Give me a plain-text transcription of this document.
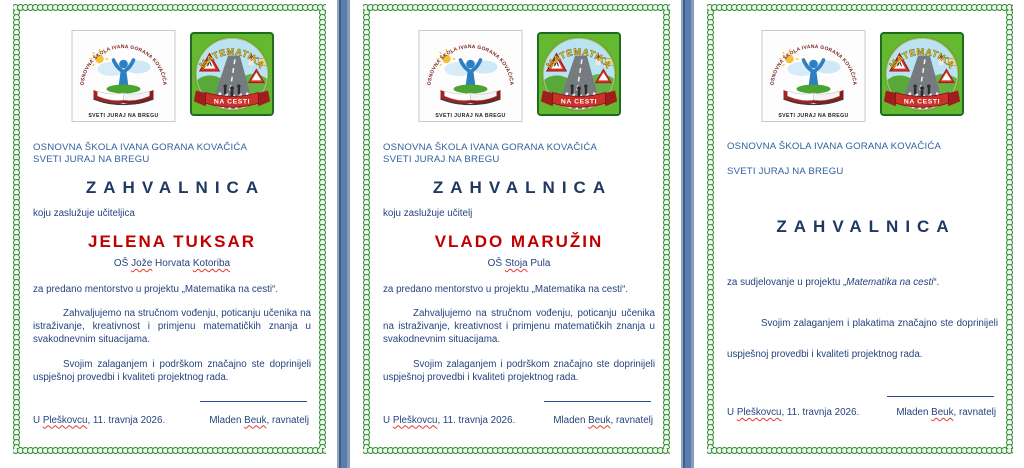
OSNOVNA ŠKOLA IVANA GORANA KOVAČIĆA
SVETI JURAJ NA BREGU
ZAHVALNICA

koju zaslužuje učiteljica

JELENA TUKSAR

OŠ Jože Horvata Kotoriba

za predano mentorstvo u projektu „Matematika na cesti“.

Zahvaljujemo na stručnom vođenju, poticanju učenika na istraživanje, kreativnost i primjenu matematičkih znanja u svakodnevnim situacijama.

Svojim zalaganjem i podrškom značajno ste doprinijeli uspješnoj provedbi i kvaliteti projektnog rada.

U Pleškovcu, 11. travnja 2026.	Mladen Beuk, ravnatelj
OSNOVNA ŠKOLA IVANA GORANA KOVAČIĆA
SVETI JURAJ NA BREGU
ZAHVALNICA

koju zaslužuje učitelj

VLADO MARUŽIN

OŠ Stoja Pula

za predano mentorstvo u projektu „Matematika na cesti“.

Zahvaljujemo na stručnom vođenju, poticanju učenika na istraživanje, kreativnost i primjenu matematičkih znanja u svakodnevnim situacijama.

Svojim zalaganjem i podrškom značajno ste doprinijeli uspješnoj provedbi i kvaliteti projektnog rada.

U Pleškovcu, 11. travnja 2026.	Mladen Beuk, ravnatelj
OSNOVNA ŠKOLA IVANA GORANA KOVAČIĆA
SVETI JURAJ NA BREGU
ZAHVALNICA

za sudjelovanje u projektu „Matematika na cesti“.

Svojim zalaganjem i plakatima značajno ste doprinijeli uspješnoj provedbi i kvaliteti projektnog rada.

U Pleškovcu, 11. travnja 2026.	Mladen Beuk, ravnatelj
